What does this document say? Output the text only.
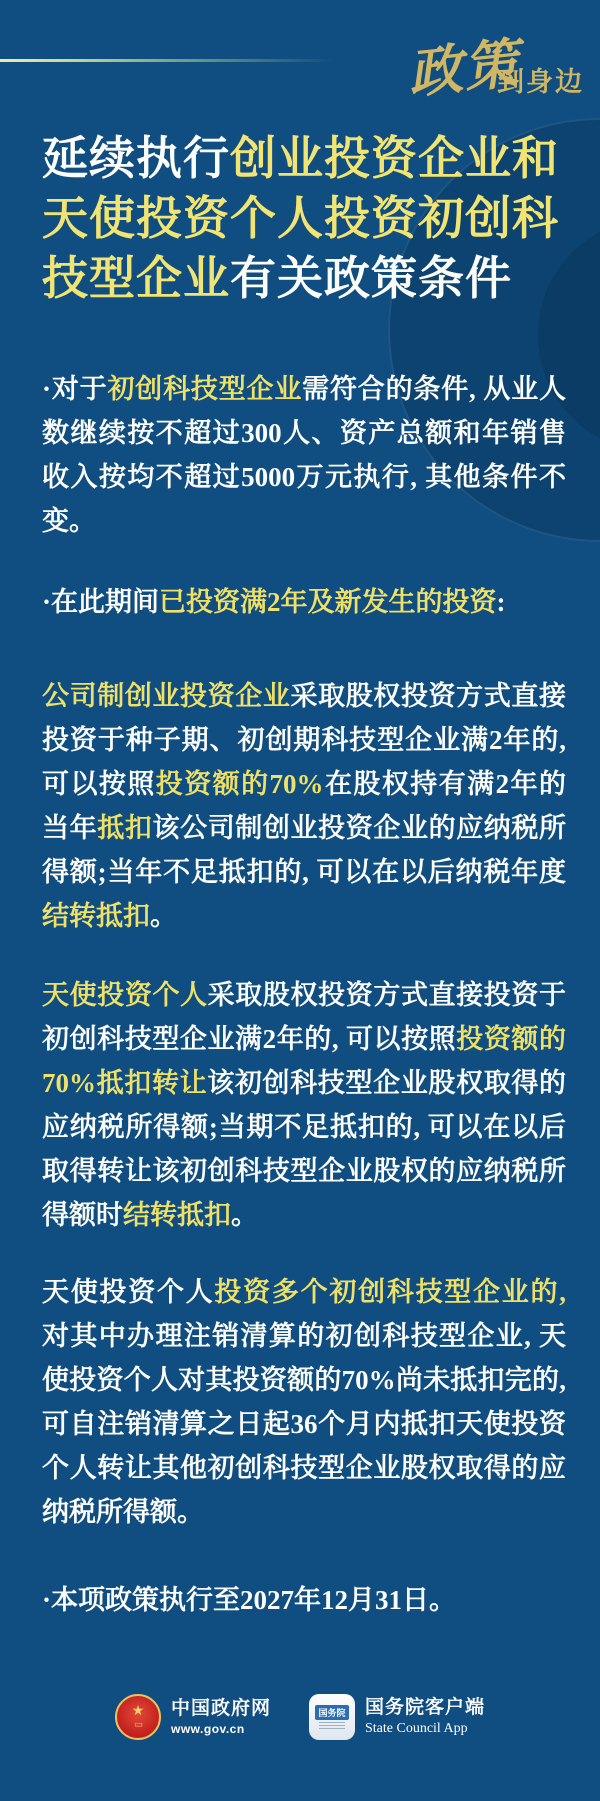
政策
到身边
延续执行创业投资企业和天使投资个人投资初创科技型企业有关政策条件

·对于初创科技型企业需符合的条件, 从业人数继续按不超过300人、资产总额和年销售收入按均不超过5000万元执行, 其他条件不变。

·在此期间已投资满2年及新发生的投资:

公司制创业投资企业采取股权投资方式直接投资于种子期、初创期科技型企业满2年的, 可以按照投资额的70%在股权持有满2年的当年抵扣该公司制创业投资企业的应纳税所得额;当年不足抵扣的, 可以在以后纳税年度结转抵扣。

天使投资个人采取股权投资方式直接投资于初创科技型企业满2年的, 可以按照投资额的70%抵扣转让该初创科技型企业股权取得的应纳税所得额;当期不足抵扣的, 可以在以后取得转让该初创科技型企业股权的应纳税所得额时结转抵扣。

天使投资个人投资多个初创科技型企业的, 对其中办理注销清算的初创科技型企业, 天使投资个人对其投资额的70%尚未抵扣完的, 可自注销清算之日起36个月内抵扣天使投资个人转让其他初创科技型企业股权取得的应纳税所得额。

·本项政策执行至2027年12月31日。

★
▭
中国政府网
www.gov.cn
国务院 国务院客户端
State Council App
